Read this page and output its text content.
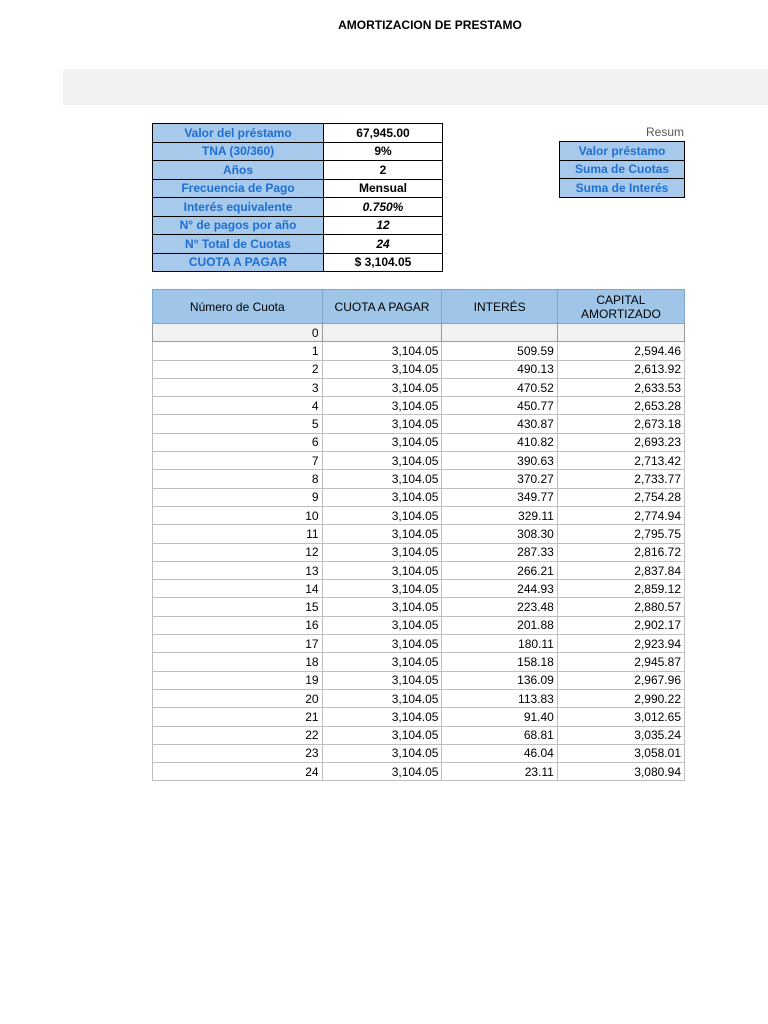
AMORTIZACION DE PRESTAMO
Valor del préstamo	67,945.00
TNA (30/360)	9%
Años	2
Frecuencia de Pago	Mensual
Interés equivalente	0.750%
N° de pagos por año	12
N° Total de Cuotas	24
CUOTA A PAGAR	$ 3,104.05
Resum
Valor préstamo
Suma de Cuotas
Suma de Interés
Número de Cuota	CUOTA A PAGAR	INTERÉS	CAPITAL AMORTIZADO
0			
1	3,104.05	509.59	2,594.46
2	3,104.05	490.13	2,613.92
3	3,104.05	470.52	2,633.53
4	3,104.05	450.77	2,653.28
5	3,104.05	430.87	2,673.18
6	3,104.05	410.82	2,693.23
7	3,104.05	390.63	2,713.42
8	3,104.05	370.27	2,733.77
9	3,104.05	349.77	2,754.28
10	3,104.05	329.11	2,774.94
11	3,104.05	308.30	2,795.75
12	3,104.05	287.33	2,816.72
13	3,104.05	266.21	2,837.84
14	3,104.05	244.93	2,859.12
15	3,104.05	223.48	2,880.57
16	3,104.05	201.88	2,902.17
17	3,104.05	180.11	2,923.94
18	3,104.05	158.18	2,945.87
19	3,104.05	136.09	2,967.96
20	3,104.05	113.83	2,990.22
21	3,104.05	91.40	3,012.65
22	3,104.05	68.81	3,035.24
23	3,104.05	46.04	3,058.01
24	3,104.05	23.11	3,080.94
